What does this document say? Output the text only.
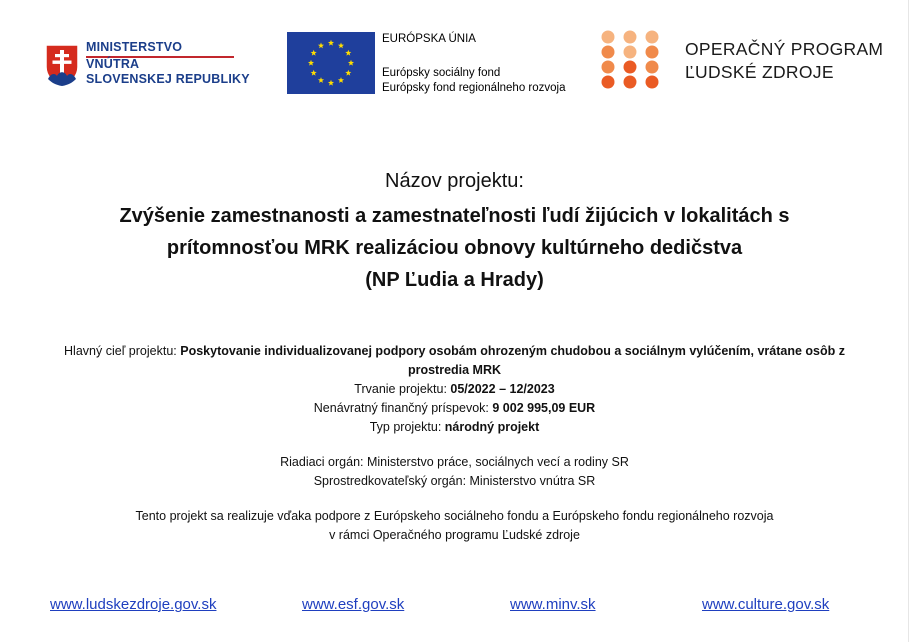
MINISTERSTVO
VNÚTRA
SLOVENSKEJ REPUBLIKY
EURÓPSKA ÚNIA
Európsky sociálny fond
Európsky fond regionálneho rozvoja
OPERAČNÝ PROGRAM
ĽUDSKÉ ZDROJE
Názov projektu:
Zvýšenie zamestnanosti a zamestnateľnosti ľudí žijúcich v lokalitách s
prítomnosťou MRK realizáciou obnovy kultúrneho dedičstva
(NP Ľudia a Hrady)
Hlavný cieľ projektu: Poskytovanie individualizovanej podpory osobám ohrozeným chudobou a sociálnym vylúčením, vrátane osôb z
prostredia MRK
Trvanie projektu: 05/2022 – 12/2023
Nenávratný finančný príspevok: 9 002 995,09 EUR
Typ projektu: národný projekt
Riadiaci orgán: Ministerstvo práce, sociálnych vecí a rodiny SR
Sprostredkovateľský orgán: Ministerstvo vnútra SR
Tento projekt sa realizuje vďaka podpore z Európskeho sociálneho fondu a Európskeho fondu regionálneho rozvoja
v rámci Operačného programu Ľudské zdroje
www.ludskezdroje.gov.sk	www.esf.gov.sk	www.minv.sk	www.culture.gov.sk
